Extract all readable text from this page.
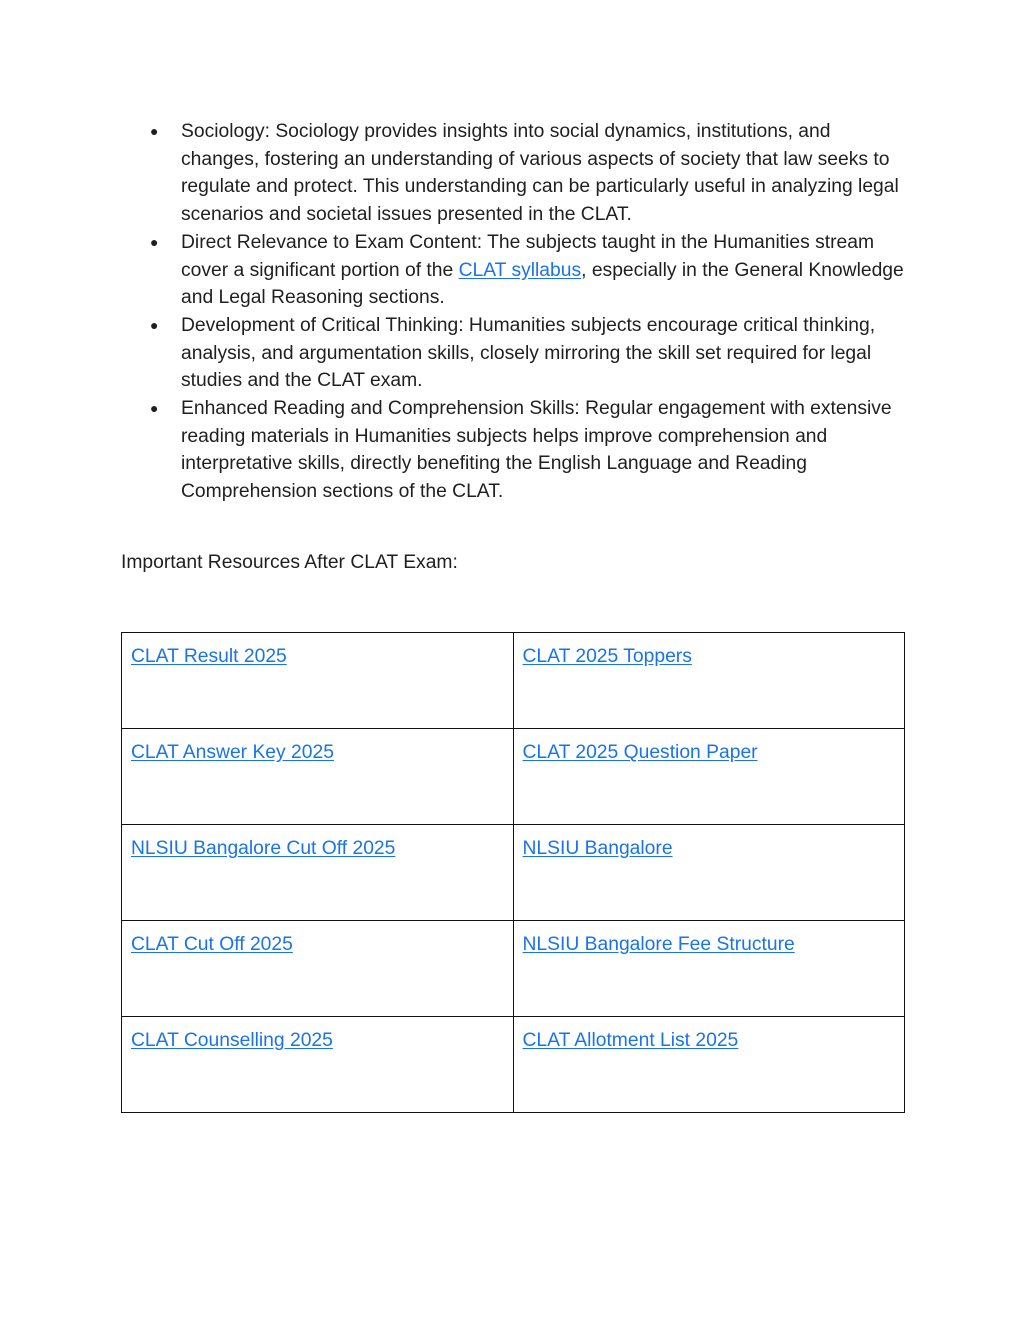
●	Sociology: Sociology provides insights into social dynamics, institutions, and changes, fostering an understanding of various aspects of society that law seeks to regulate and protect. This understanding can be particularly useful in analyzing legal scenarios and societal issues presented in the CLAT.
●	Direct Relevance to Exam Content: The subjects taught in the Humanities stream cover a significant portion of the CLAT syllabus, especially in the General Knowledge and Legal Reasoning sections.
●	Development of Critical Thinking: Humanities subjects encourage critical thinking, analysis, and argumentation skills, closely mirroring the skill set required for legal studies and the CLAT exam.
●	Enhanced Reading and Comprehension Skills: Regular engagement with extensive reading materials in Humanities subjects helps improve comprehension and interpretative skills, directly benefiting the English Language and Reading Comprehension sections of the CLAT.

Important Resources After CLAT Exam:

CLAT Result 2025	CLAT 2025 Toppers
CLAT Answer Key 2025	CLAT 2025 Question Paper
NLSIU Bangalore Cut Off 2025	NLSIU Bangalore
CLAT Cut Off 2025	NLSIU Bangalore Fee Structure
CLAT Counselling 2025	CLAT Allotment List 2025
